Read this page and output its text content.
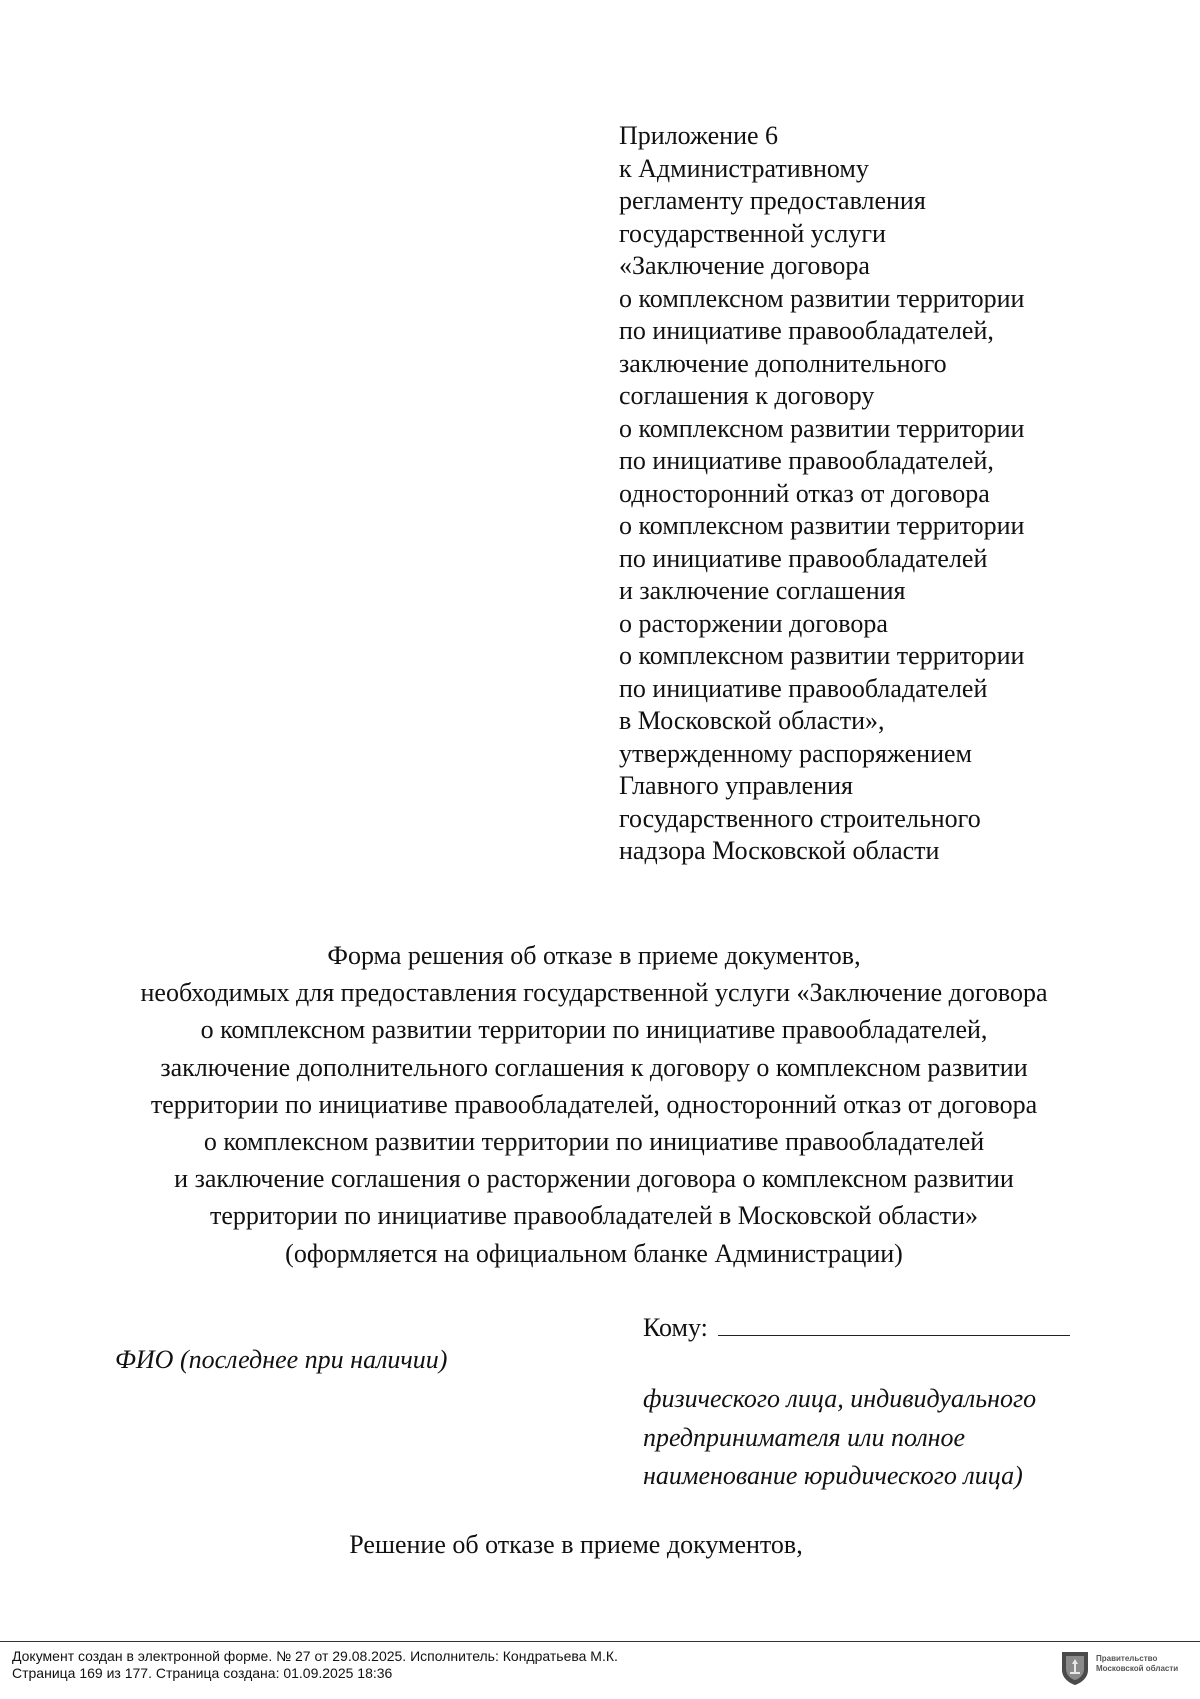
Приложение 6
к Административному
регламенту предоставления
государственной услуги
«Заключение договора
о комплексном развитии территории
по инициативе правообладателей,
заключение дополнительного
соглашения к договору
о комплексном развитии территории
по инициативе правообладателей,
односторонний отказ от договора
о комплексном развитии территории
по инициативе правообладателей
и заключение соглашения
о расторжении договора
о комплексном развитии территории
по инициативе правообладателей
в Московской области»,
утвержденному распоряжением
Главного управления
государственного строительного
надзора Московской области
Форма решения об отказе в приеме документов,
необходимых для предоставления государственной услуги «Заключение договора
о комплексном развитии территории по инициативе правообладателей,
заключение дополнительного соглашения к договору о комплексном развитии
территории по инициативе правообладателей, односторонний отказ от договора
о комплексном развитии территории по инициативе правообладателей
и заключение соглашения о расторжении договора о комплексном развитии
территории по инициативе правообладателей в Московской области»
(оформляется на официальном бланке Администрации)
Кому:
ФИО (последнее при наличии)
физического лица, индивидуального
предпринимателя или полное
наименование юридического лица)
Решение об отказе в приеме документов,
Документ создан в электронной форме. № 27 от 29.08.2025. Исполнитель: Кондратьева М.К.
Страница 169 из 177. Страница создана: 01.09.2025 18:36
Правительство
Московской области
